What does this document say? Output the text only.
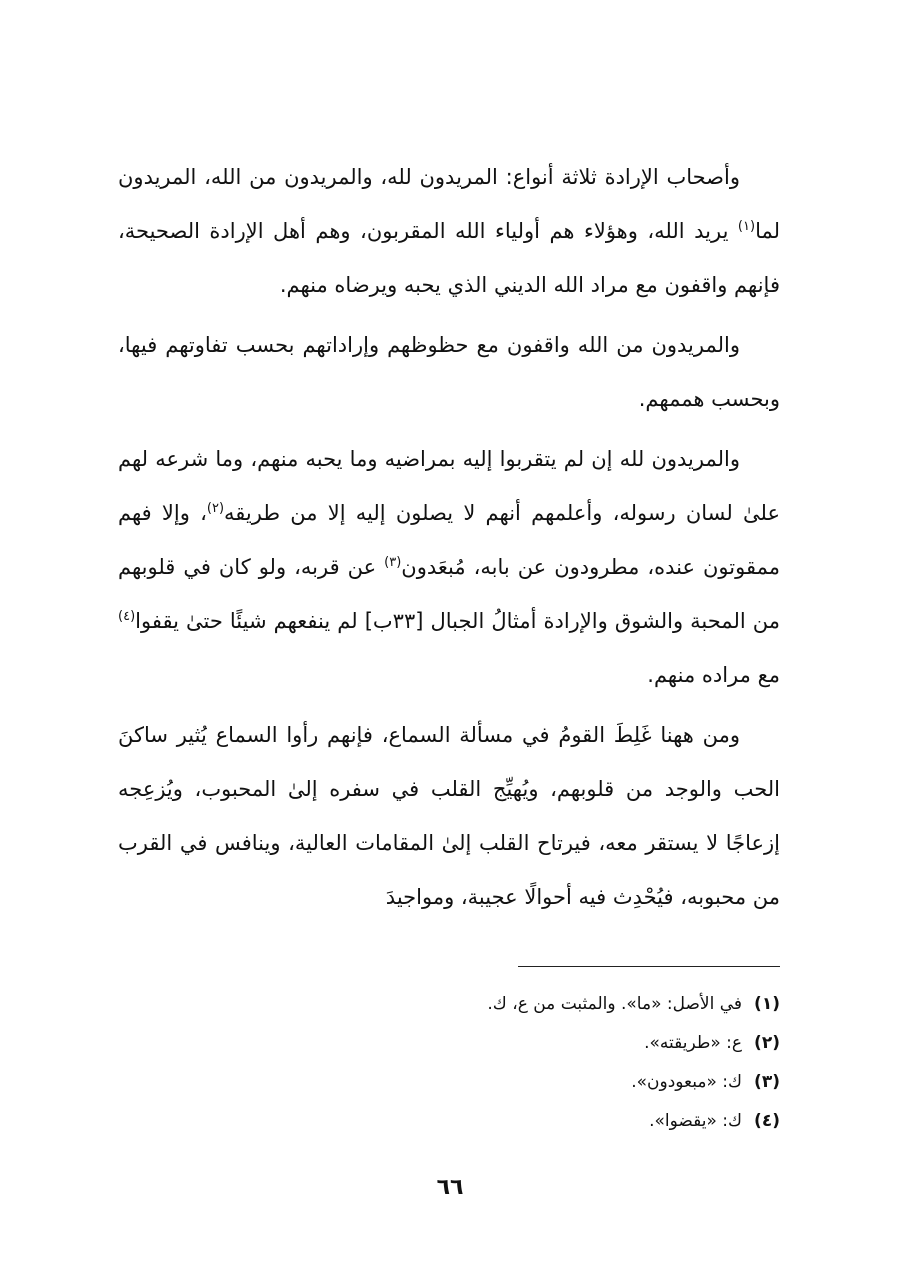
وأصحاب الإرادة ثلاثة أنواع: المريدون لله، والمريدون من الله، المريدون لما$^{(١)}$ يريد الله، وهؤلاء هم أولياء الله المقربون، وهم أهل الإرادة الصحيحة، فإنهم واقفون مع مراد الله الديني الذي يحبه ويرضاه منهم.

والمريدون من الله واقفون مع حظوظهم وإراداتهم بحسب تفاوتهم فيها، وبحسب هممهم.

والمريدون لله إن لم يتقربوا إليه بمراضيه وما يحبه منهم، وما شرعه لهم علىٰ لسان رسوله، وأعلمهم أنهم لا يصلون إليه إلا من طريقه$^{(٢)}$، وإلا فهم ممقوتون عنده، مطرودون عن بابه، مُبعَدون$^{(٣)}$ عن قربه، ولو كان في قلوبهم من المحبة والشوق والإرادة أمثالُ الجبال [٣٣ب] لم ينفعهم شيئًا حتىٰ يقفوا$^{(٤)}$ مع مراده منهم.

ومن ههنا غَلِطَ القومُ في مسألة السماع، فإنهم رأوا السماع يُثير ساكنَ الحب والوجد من قلوبهم، ويُهيِّج القلب في سفره إلىٰ المحبوب، ويُزعِجه إزعاجًا لا يستقر معه، فيرتاح القلب إلىٰ المقامات العالية، وينافس في القرب من محبوبه، فيُحْدِث فيه أحوالًا عجيبة، ومواجيدَ

(١)
في الأصل: «ما». والمثبت من ع، ك.
(٢)
ع: «طريقته».
(٣)
ك: «مبعودون».
(٤)
ك: «يقضوا».
٦٦
